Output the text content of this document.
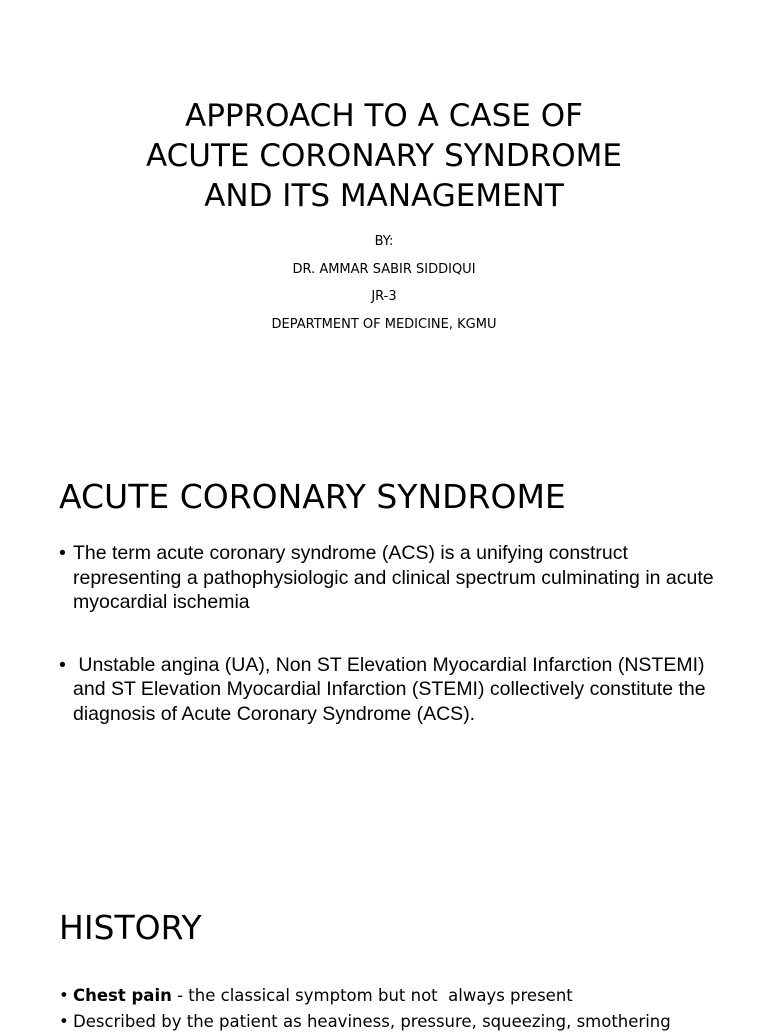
APPROACH TO A CASE OF
ACUTE CORONARY SYNDROME
AND ITS MANAGEMENT
BY:
DR. AMMAR SABIR SIDDIQUI
JR-3
DEPARTMENT OF MEDICINE, KGMU
ACUTE CORONARY SYNDROME
• The term acute coronary syndrome (ACS) is a unifying construct representing a pathophysiologic and clinical spectrum culminating in acute myocardial ischemia
• Unstable angina (UA), Non ST Elevation Myocardial Infarction (NSTEMI) and ST Elevation Myocardial Infarction (STEMI) collectively constitute the diagnosis of Acute Coronary Syndrome (ACS).
HISTORY
• Chest pain - the classical symptom but not  always present
• Described by the patient as heaviness, pressure, squeezing, smothering
